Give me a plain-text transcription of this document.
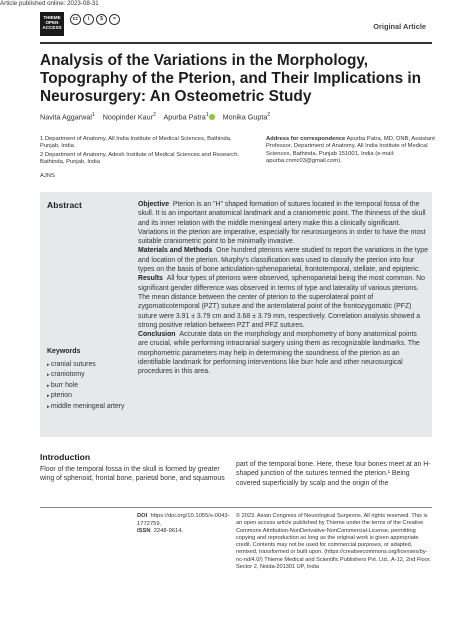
Article published online: 2023-08-31
THIEME
OPEN
ACCESS
cc	i	$	=
Original Article
Analysis of the Variations in the Morphology, Topography of the Pterion, and Their Implications in Neurosurgery: An Osteometric Study
Navita Aggarwal$^1$ Noopinder Kaur$^2$ Apurba Patra$^1$ Monika Gupta$^2$

1 Department of Anatomy, All India Institute of Medical Sciences, Bathinda, Punjab, India

2 Department of Anatomy, Adesh Institute of Medical Sciences and Research, Bathinda, Punjab, India

Address for correspondence Apurba Patra, MD, DNB, Assistant Professor, Department of Anatomy, All India Institute of Medical Sciences, Bathinda, Punjab 151001, India (e-mail: apurba.cnmc03@gmail.com).
AJNS
Abstract	Objective Pterion is an "H" shaped formation of sutures located in the temporal fossa of the skull. It is an important anatomical landmark and a craniometric point. The thinness of the skull and its inner relation with the middle meningeal artery make this a clinically significant. Variations in the pterion are imperative, especially for neurosurgeons in order to have the most suitable craniometric point to be minimally invasive.

Materials and Methods One hundred pterions were studied to report the variations in the type and location of the pterion. Murphy's classification was used to classify the pterion into four types on the basis of bone articulation-sphenoparietal, frontotemporal, stellate, and epipteric.

Results All four types of pterions were observed, sphenoparietal being the most common. No significant gender difference was observed in terms of type and laterality of various pterions. The mean distance between the center of pterion to the superolateral point of zygomaticotemporal (PZT) suture and the anterolateral point of the frontozygomatic (PFZ) suture were 3.91 ± 3.79 cm and 3.68 ± 3.79 mm, respectively. Correlation analysis showed a strong positive relation between PZT and PFZ sutures.

Conclusion Accurate data on the morphology and morphometry of bony anatomical points are crucial, while performing intracranial surgery using them as recognizable landmarks. The morphometric parameters may help in determining the soundness of the pterion as an identifiable landmark for performing interventions like burr hole and other neurosurgical procedures in this area.

Keywords
▸ cranial sutures
▸ craniotomy
▸ burr hole
▸ pterion
▸ middle meningeal artery
Introduction

Floor of the temporal fossa in the skull is formed by greater wing of sphenoid, frontal bone, parietal bone, and squamous

part of the temporal bone. Here, these four bones meet at an H-shaped junction of the sutures termed the pterion.¹ Being covered superficially by scalp and the origin of the

DOI https://doi.org/10.1055/s-0043-1772759.
ISSN 2248-9614.
© 2023. Asian Congress of Neurological Surgeons. All rights reserved. This is an open access article published by Thieme under the terms of the Creative Commons Attribution-NonDerivative-NonCommercial-License, permitting copying and reproduction so long as the original work is given appropriate credit. Contents may not be used for commercial purposes, or adapted, remixed, transformed or built upon. (https://creativecommons.org/licenses/by-nc-nd/4.0/) Thieme Medical and Scientific Publishers Pvt. Ltd., A-12, 2nd Floor, Sector 2, Noida-201301 UP, India
